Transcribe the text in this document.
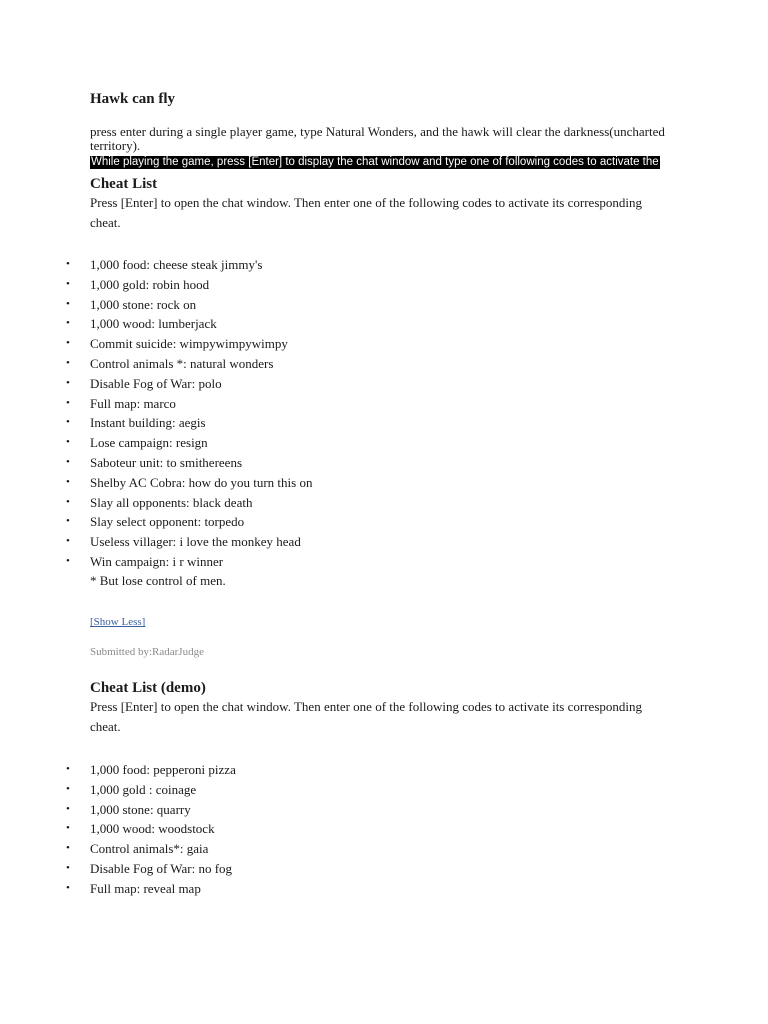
Hawk can fly

press enter during a single player game, type Natural Wonders, and the hawk will clear the darkness(uncharted territory).

While playing the game, press [Enter] to display the chat window and type one of following codes to activate the
Cheat List

Press [Enter] to open the chat window. Then enter one of the following codes to activate its corresponding cheat.

• 1,000 food: cheese steak jimmy's
• 1,000 gold: robin hood
• 1,000 stone: rock on
• 1,000 wood: lumberjack
• Commit suicide: wimpywimpywimpy
• Control animals *: natural wonders
• Disable Fog of War: polo
• Full map: marco
• Instant building: aegis
• Lose campaign: resign
• Saboteur unit: to smithereens
• Shelby AC Cobra: how do you turn this on
• Slay all opponents: black death
• Slay select opponent: torpedo
• Useless villager: i love the monkey head
• Win campaign: i r winner

* But lose control of men.

[Show Less]
Submitted by:RadarJudge
Cheat List (demo)

Press [Enter] to open the chat window. Then enter one of the following codes to activate its corresponding cheat.

• 1,000 food: pepperoni pizza
• 1,000 gold : coinage
• 1,000 stone: quarry
• 1,000 wood: woodstock
• Control animals*: gaia
• Disable Fog of War: no fog
• Full map: reveal map
